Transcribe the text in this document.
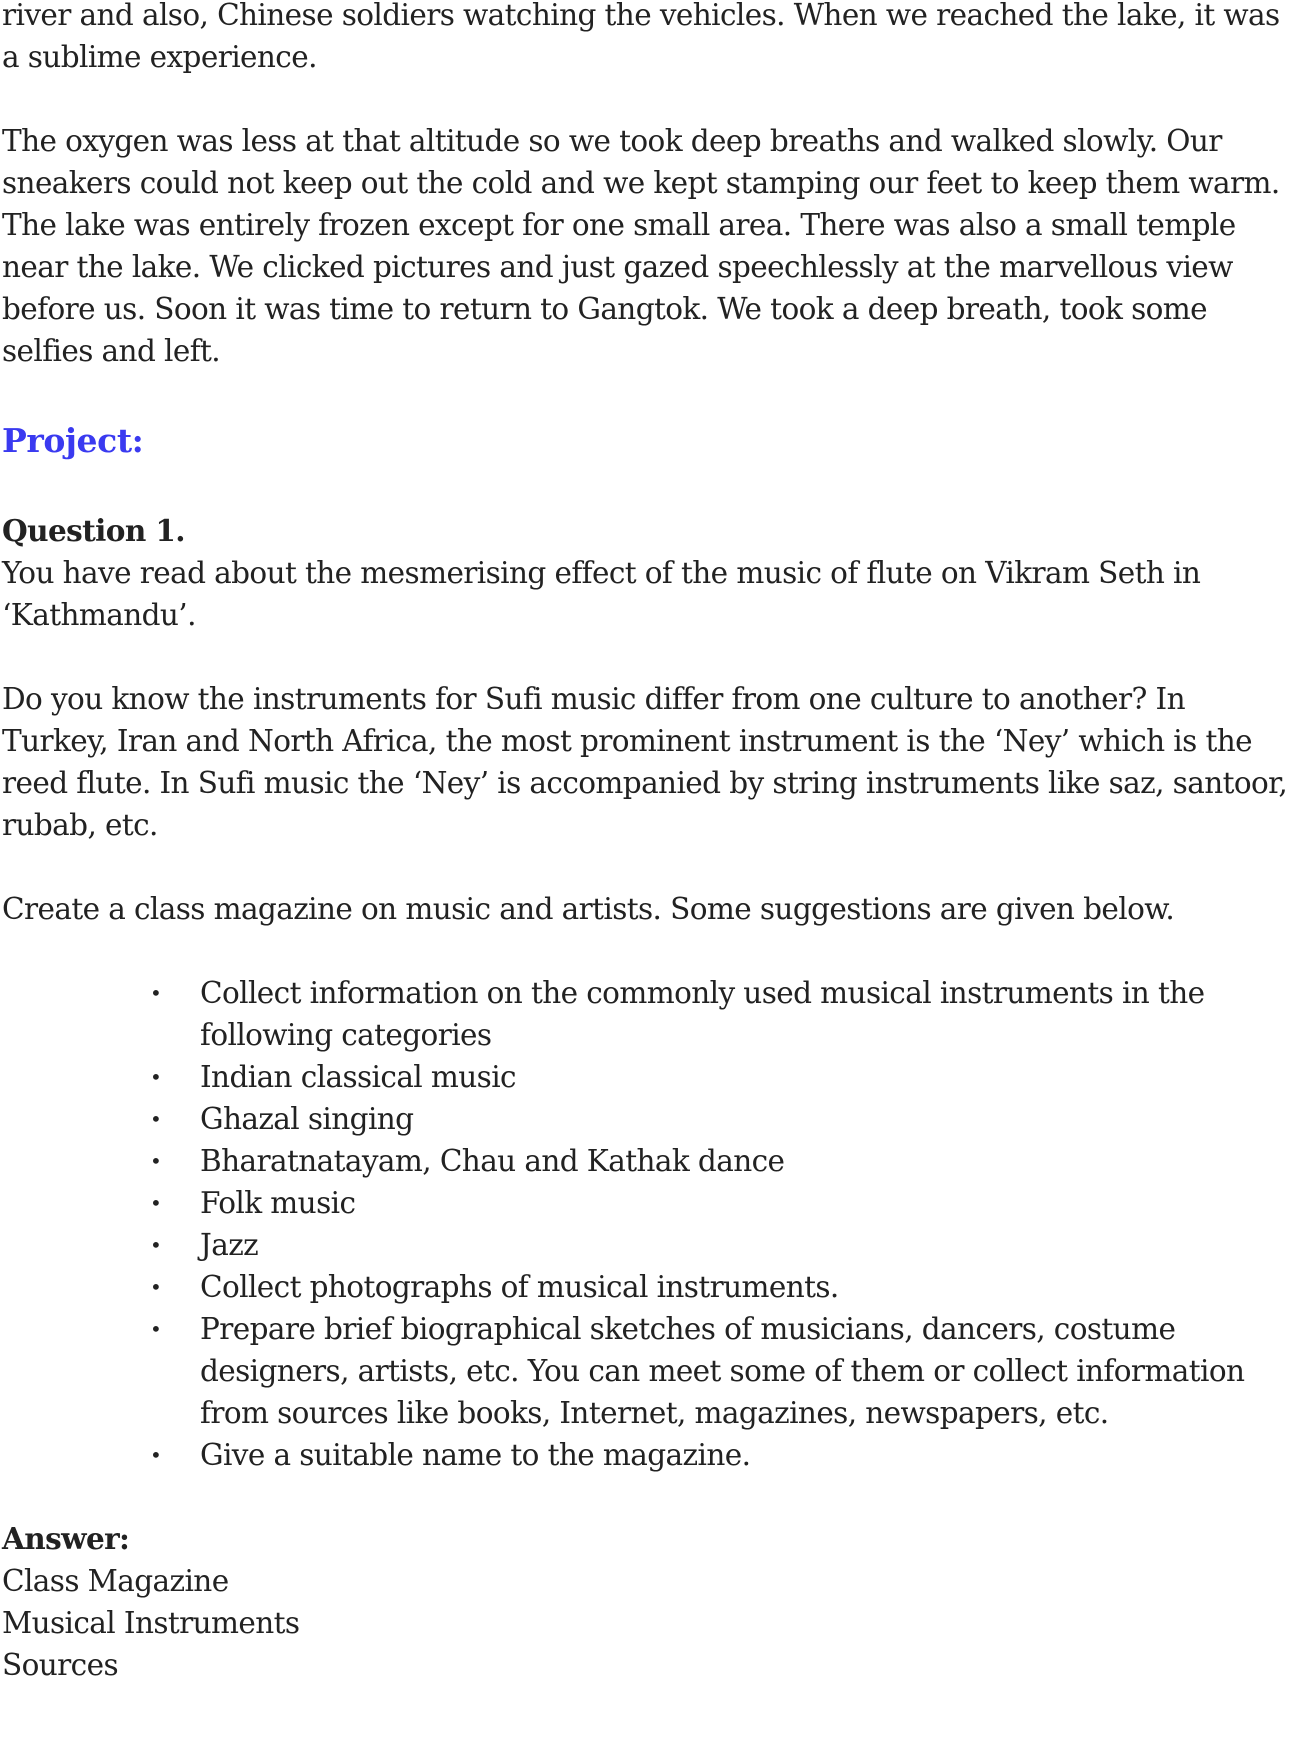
river and also, Chinese soldiers watching the vehicles. When we reached the lake, it was a sublime experience.

The oxygen was less at that altitude so we took deep breaths and walked slowly. Our sneakers could not keep out the cold and we kept stamping our feet to keep them warm. The lake was entirely frozen except for one small area. There was also a small temple near the lake. We clicked pictures and just gazed speechlessly at the marvellous view before us. Soon it was time to return to Gangtok. We took a deep breath, took some selfies and left.

Project:

Question 1.

You have read about the mesmerising effect of the music of flute on Vikram Seth in ‘Kathmandu’.

Do you know the instruments for Sufi music differ from one culture to another? In Turkey, Iran and North Africa, the most prominent instrument is the ‘Ney’ which is the reed flute. In Sufi music the ‘Ney’ is accompanied by string instruments like saz, santoor, rubab, etc.

Create a class magazine on music and artists. Some suggestions are given below.

• Collect information on the commonly used musical instruments in the following categories
• Indian classical music
• Ghazal singing
• Bharatnatayam, Chau and Kathak dance
• Folk music
• Jazz
• Collect photographs of musical instruments.
• Prepare brief biographical sketches of musicians, dancers, costume designers, artists, etc. You can meet some of them or collect information from sources like books, Internet, magazines, newspapers, etc.
• Give a suitable name to the magazine.

Answer:

Class Magazine

Musical Instruments

Sources
